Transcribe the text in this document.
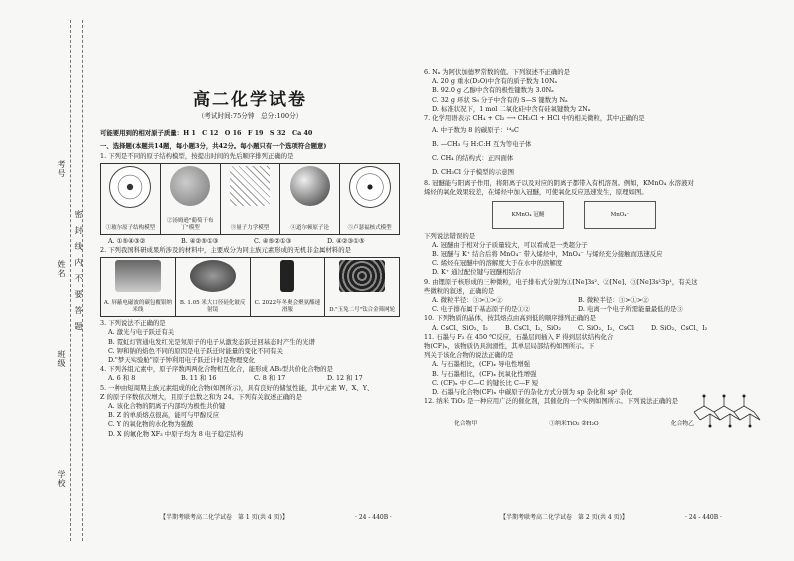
考号
姓名
班级
学校
密　封　线　内　不　要　答　题
高二化学试卷
（考试时间:75分钟　总分:100分）
可能要用到的相对原子质量：H 1　C 12　O 16　F 19　S 32　Ca 40
一、选择题(本题共14题，每小题3分，共42分。每小题只有一个选项符合题意)
1. 下列是不同的原子结构模型，按提出时间的先后顺序排列正确的是
①玻尔原子结构模型
②汤姆逊"葡萄干布丁"模型	③量子力学模型	④道尔顿原子论	⑤卢瑟福核式模型
A. ①⑤④③②	B. ④②⑤①③	C. ④⑤②①③	D. ④②③①⑤
2. 下列我国科研成果所涉及的材料中，主要成分为同主族元素形成的无机非金属材料的是
A. 屏蔽电磁波的碳包覆银纳米线
B. 1.05 米大口径硅化铍反射镜
C. 2022年冬奥会聚氨酯速滑服	D."玉兔二号"钛合金筛网轮
3. 下列说法不正确的是
A. 激光与电子跃迁有关
B. 霓虹灯管通电发红光是氖原子的电子从激发态跃迁回基态时产生的光谱
C. 钾和钠的焰色不同的原因是电子跃迁时能量的变化不同有关
D."梦天实验舱"原子钟利用电子跃迁计时是物理变化
4. 下列各组元素中，原子序数两两化合物相互化合，能形成 AB₂型共价化合物的是
A. 6 和 8	B. 11 和 16	C. 8 和 17	D. 12 和 17
5. 一种由短周期主族元素组成的化合物(如图所示)，具有良好的储氢性能，其中元素 W、X、Y、
Z 的原子序数依次增大，且原子总数之和为 24。下列有关叙述正确的是
A. 该化合物的阴离子内部均为极性共价键
B. Z 的单质熔点很高，能可与甲醇反应
C. Y 的氧化物的水化物为强酸
D. X 的氟化物 XF₃ 中原子均为 8 电子稳定结构
【半期考联考高二化学试卷　第 1 页(共 4 页)】	· 24 - 440B ·
6. Nₐ 为阿伏加德罗常数的值。下列叙述不正确的是
A. 20 g 重水(D₂O)中含有的质子数为 10Nₐ
B. 92.0 g 乙醇中含有的极性键数为 3.0Nₐ
C. 32 g 环状 S₈ 分子中含有的 S—S 键数为 Nₐ
D. 标准状况下，1 mol 二氧化硅中含有硅氧键数为 2Nₐ
7. 化学用语表示 CH₄ + Cl₂ ⟶ CH₃Cl + HCl 中的相关微粒，其中正确的是
A. 中子数为 8 的碳原子：¹⁴₆C
B. —CH₃ 与 H:C:H 互为等电子体
C. CH₄ 的结构式：正四面体
D. CH₃Cl 分子模型的示意图
8. 冠醚能与阳离子作用，将阳离子以及对应的阴离子都带入有机溶剂。例如，KMnO₄ 水溶液对
烯烃的氧化效果较差，在烯烃中加入冠醚，可使氧化反应迅速发生，原理如图。
KMnO₄ 冠醚	MnO₄⁻
下列说法错误的是
A. 冠醚由于相对分子质量较大，可以看成是一类超分子
B. 冠醚与 K⁺ 结合后将 MnO₄⁻ 带入烯烃中，MnO₄⁻ 与烯烃充分接触而迅速反应
C. 烯烃在冠醚中的溶解度大于在水中的溶解度
D. K⁺ 通过配位键与冠醚相结合
9. 由锂原子核形成的三种微粒，电子排布式分别为①[Ne]3s²、②[Ne]、③[Ne]3s¹3p¹，有关这
些微粒的叙述，正确的是
A. 微粒半径：③>①>②	B. 微粒半径：③>①>②
C. 电子排布属于基态原子的是①②	D. 电离一个电子所需能量最低的是③
10. 下列物质的晶体，按其熔点由高到低的顺序排列正确的是
A. CsCl、SiO₂、I₂	B. CsCl、I₂、SiO₂	C. SiO₂、I₂、CsCl	D. SiO₂、CsCl、I₂
11. 石墨与 F₂ 在 450 ℃反应，石墨层间插入 F 得到层状结构化合
物(CF)ₓ，该物质仍具润滑性，其单层局部结构如图所示。下
列关于该化合物的说法正确的是
A. 与石墨相比，(CF)ₓ 导电性增强
B. 与石墨相比，(CF)ₓ 抗氧化性增强
C. (CF)ₓ 中 C—C 的键长比 C—F 短
D. 石墨与化合物(CF)ₓ 中碳原子的杂化方式分别为 sp 杂化和 sp² 杂化
12. 纳米 TiO₂ 是一种应用广泛的催化剂，其催化的一个实例如图所示。下列说法正确的是
化合物甲	①纳米TiO₂ ②H₂O	化合物乙
【半期考联考高二化学试卷　第 2 页(共 4 页)】	· 24 - 440B ·
